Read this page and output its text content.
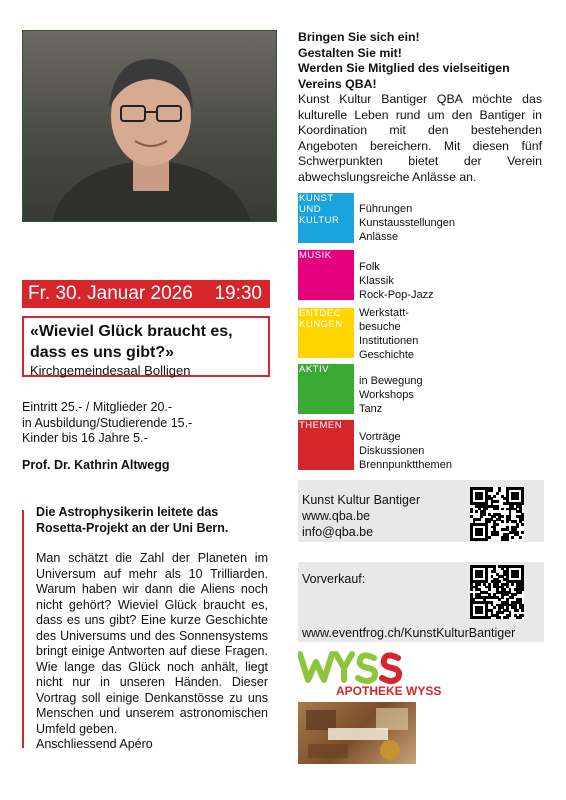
Fr. 30. Januar 2026 19:30
«Wieviel Glück braucht es,
dass es uns gibt?»
Kirchgemeindesaal Bolligen
Eintritt 25.- / Mitglieder 20.-
in Ausbildung/Studierende 15.-
Kinder bis 16 Jahre 5.-
Prof. Dr. Kathrin Altwegg
Die Astrophysikerin leitete das Rosetta-Projekt an der Uni Bern.
Man schätzt die Zahl der Planeten im Universum auf mehr als 10 Trilliarden. Warum haben wir dann die Aliens noch nicht gehört? Wieviel Glück braucht es, dass es uns gibt? Eine kurze Geschichte des Universums und des Sonnensystems bringt einige Antworten auf diese Fragen. Wie lange das Glück noch anhält, liegt nicht nur in unseren Händen. Dieser Vortrag soll einige Denkanstösse zu uns Menschen und unserem astronomischen Umfeld geben.
Anschliessend Apéro
Bringen Sie sich ein!
Gestalten Sie mit!
Werden Sie Mitglied des vielseitigen Vereins QBA!
Kunst Kultur Bantiger QBA möchte das kulturelle Leben rund um den Bantiger in Koordination mit den bestehenden Angeboten bereichern. Mit diesen fünf Schwerpunkten bietet der Verein abwechslungsreiche Anlässe an.
KUNST
UND
KULTUR
Führungen
Kunstausstellungen
Anlässe
MUSIK
Folk
Klassik
Rock-Pop-Jazz
ENTDEC
KUNGEN
Werkstatt-
besuche
Institutionen
Geschichte
AKTIV
in Bewegung
Workshops
Tanz
THEMEN
Vorträge
Diskussionen
Brennpunktthemen
Kunst Kultur Bantiger
www.qba.be
info@qba.be
Vorverkauf:
www.eventfrog.ch/KunstKulturBantiger
APOTHEKE WYSS
